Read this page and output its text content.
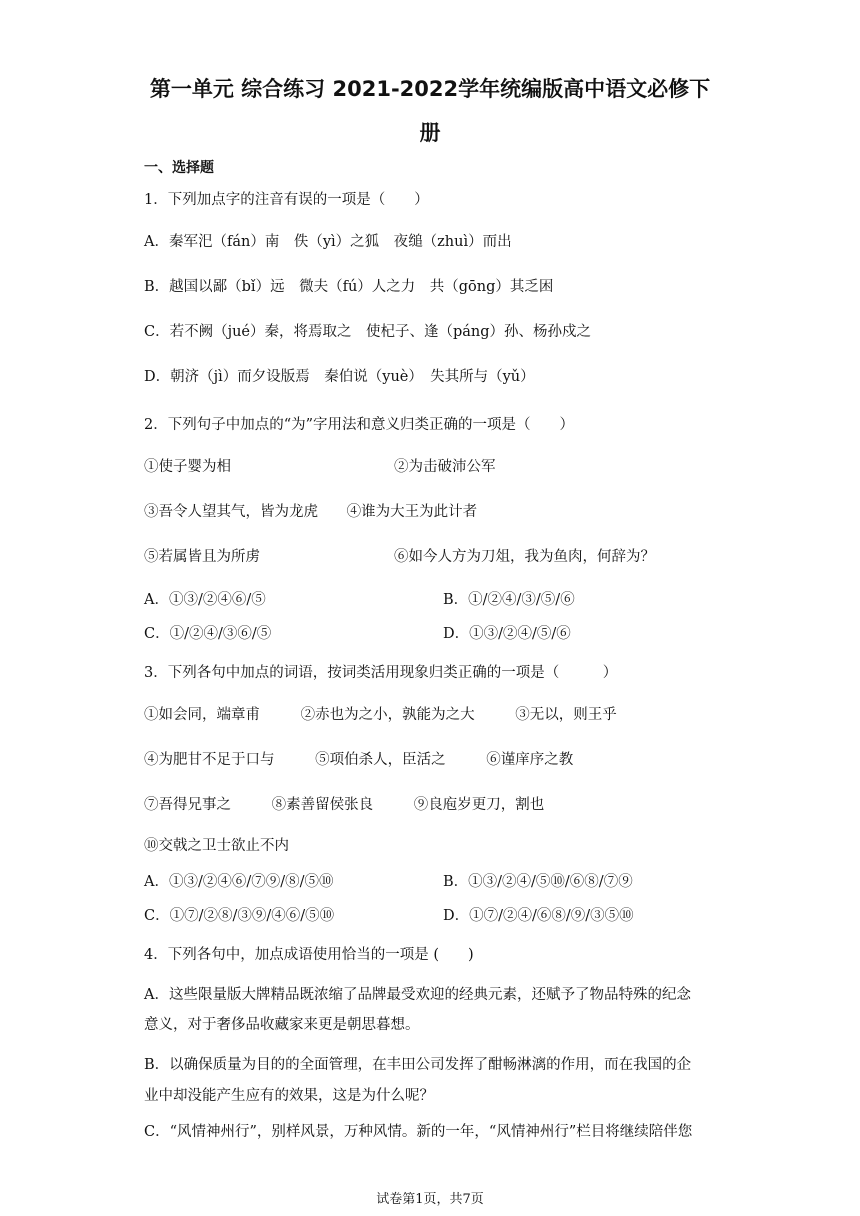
第一单元 综合练习 2021-2022学年统编版高中语文必修下
册
一、选择题
1．下列加点字的注音有误的一项是（　　）
A．秦军汜（fán）南　佚（yì）之狐　夜缒（zhuì）而出
B．越国以鄙（bǐ）远　微夫（fú）人之力　共（gōng）其乏困
C．若不阙（jué）秦，将焉取之　使杞子、逢（páng）孙、杨孙戍之
D．朝济（jì）而夕设版焉　秦伯说（yuè）　失其所与（yǔ）
2．下列句子中加点的“为”字用法和意义归类正确的一项是（　　）
①使子婴为相	②为击破沛公军
③吾令人望其气，皆为龙虎 ④谁为大王为此计者
⑤若属皆且为所虏	⑥如今人方为刀俎，我为鱼肉，何辞为？
A．①③/②④⑥/⑤	B．①/②④/③/⑤/⑥
C．①/②④/③⑥/⑤	D．①③/②④/⑤/⑥
3．下列各句中加点的词语，按词类活用现象归类正确的一项是（　　　）
①如会同，端章甫	②赤也为之小，孰能为之大	③无以，则王乎
④为肥甘不足于口与	⑤项伯杀人，臣活之	⑥谨庠序之教
⑦吾得兄事之	⑧素善留侯张良	⑨良庖岁更刀，割也
⑩交戟之卫士欲止不内
A．①③/②④⑥/⑦⑨/⑧/⑤⑩	B．①③/②④/⑤⑩/⑥⑧/⑦⑨
C．①⑦/②⑧/③⑨/④⑥/⑤⑩	D．①⑦/②④/⑥⑧/⑨/③⑤⑩
4．下列各句中，加点成语使用恰当的一项是 (　　)
A．这些限量版大牌精品既浓缩了品牌最受欢迎的经典元素，还赋予了物品特殊的纪念
意义，对于奢侈品收藏家来更是朝思暮想。
B．以确保质量为目的的全面管理，在丰田公司发挥了酣畅淋漓的作用，而在我国的企
业中却没能产生应有的效果，这是为什么呢？
C．“风情神州行”，别样风景，万种风情。新的一年，“风情神州行”栏目将继续陪伴您
试卷第1页，共7页
